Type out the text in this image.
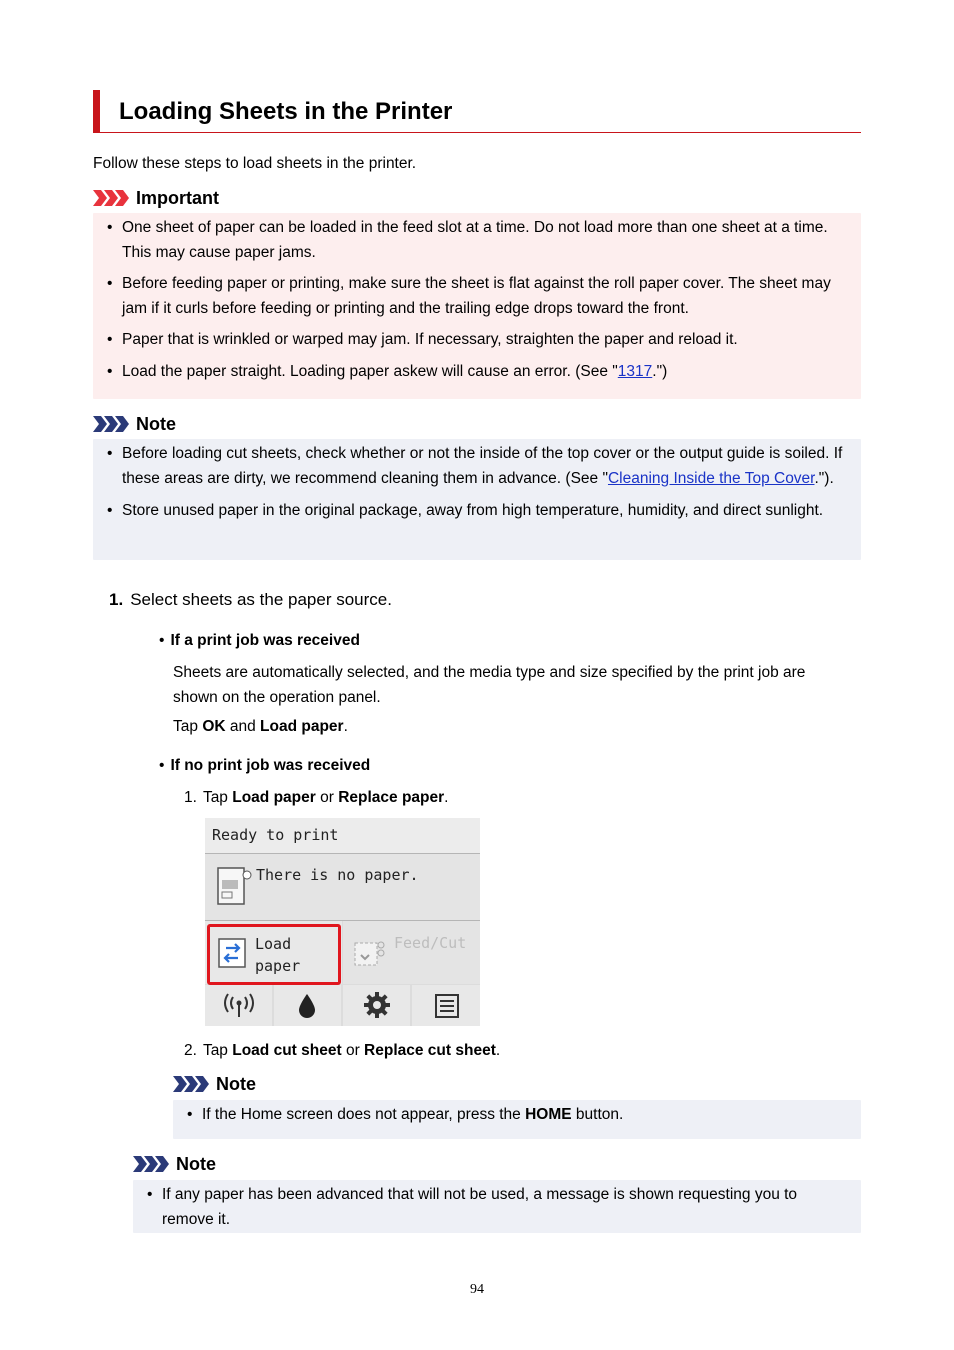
Loading Sheets in the Printer
Follow these steps to load sheets in the printer.
Important
• One sheet of paper can be loaded in the feed slot at a time. Do not load more than one sheet at a time. This may cause paper jams.
• Before feeding paper or printing, make sure the sheet is flat against the roll paper cover. The sheet may jam if it curls before feeding or printing and the trailing edge drops toward the front.
• Paper that is wrinkled or warped may jam. If necessary, straighten the paper and reload it.
• Load the paper straight. Loading paper askew will cause an error. (See "1317.")
Note
• Before loading cut sheets, check whether or not the inside of the top cover or the output guide is soiled. If these areas are dirty, we recommend cleaning them in advance. (See "Cleaning Inside the Top Cover.").
• Store unused paper in the original package, away from high temperature, humidity, and direct sunlight.
1. Select sheets as the paper source.
• If a print job was received
Sheets are automatically selected, and the media type and size specified by the print job are shown on the operation panel.
Tap OK and Load paper.
• If no print job was received
1. Tap Load paper or Replace paper.
Ready to print
There is no paper.
Load paper
Feed/Cut
2. Tap Load cut sheet or Replace cut sheet.
Note
• If the Home screen does not appear, press the HOME button.
Note
• If any paper has been advanced that will not be used, a message is shown requesting you to remove it.
94
